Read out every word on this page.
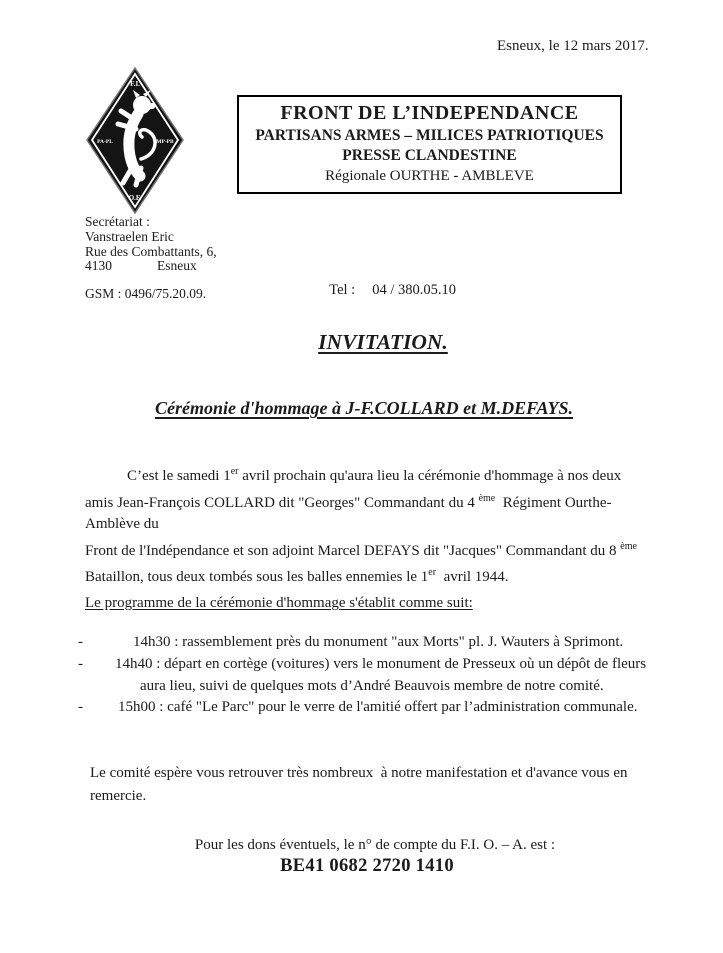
Esneux, le 12 mars 2017.
F.I.
PA-PL	MP-PB
O.F.
FRONT DE L’INDEPENDANCE
PARTISANS ARMES – MILICES PATRIOTIQUES
PRESSE CLANDESTINE
Régionale OURTHE - AMBLEVE
Secrétariat :
Vanstraelen Eric
Rue des Combattants, 6,
4130	Esneux
GSM : 0496/75.20.09.	Tel : 04 / 380.05.10

INVITATION.
Cérémonie d'hommage à J-F.COLLARD et M.DEFAYS.
C’est le samedi 1er avril prochain qu'aura lieu la cérémonie d'hommage à nos deux
amis Jean-François COLLARD dit "Georges" Commandant du 4 $^{ème}$  Régiment Ourthe-
Amblève du
Front de l'Indépendance et son adjoint Marcel DEFAYS dit "Jacques" Commandant du 8 $^{ème}$
Bataillon, tous deux tombés sous les balles ennemies le 1er  avril 1944.
Le programme de la cérémonie d'hommage s'établit comme suit:
-	14h30 : rassemblement près du monument "aux Morts" pl. J. Wauters à Sprimont.
- 14h40 : départ en cortège (voitures) vers le monument de Presseux où un dépôt de fleurs
aura lieu, suivi de quelques mots d’André Beauvois membre de notre comité.
- 15h00 : café "Le Parc" pour le verre de l'amitié offert par l’administration communale.
Le comité espère vous retrouver très nombreux  à notre manifestation et d'avance vous en
remercie.
Pour les dons éventuels, le n° de compte du F.I. O. – A. est :
BE41 0682 2720 1410
